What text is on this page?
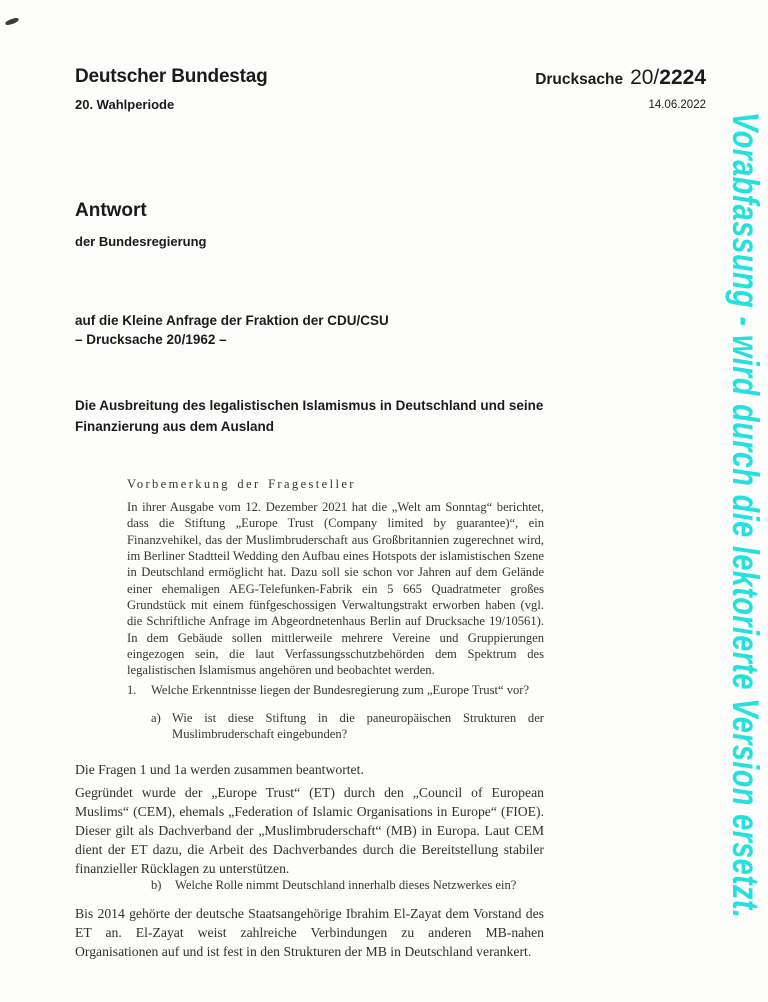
Vorabfassung - wird durch die lektorierte Version ersetzt.
Deutscher Bundestag
20. Wahlperiode
Drucksache 20/ 2224
14.06.2022
Antwort
der Bundesregierung
auf die Kleine Anfrage der Fraktion der CDU/CSU
– Drucksache 20/1962 –
Die Ausbreitung des legalistischen Islamismus in Deutschland und seine
Finanzierung aus dem Ausland
Vorbemerkung der Fragesteller
In ihrer Ausgabe vom 12. Dezember 2021 hat die „Welt am Sonntag“ berichtet, dass die Stiftung „Europe Trust (Company limited by guarantee)“, ein Finanzvehikel, das der Muslimbruderschaft aus Großbritannien zugerechnet wird, im Berliner Stadtteil Wedding den Aufbau eines Hotspots der islamistischen Szene in Deutschland ermöglicht hat. Dazu soll sie schon vor Jahren auf dem Gelände einer ehemaligen AEG-Telefunken-Fabrik ein 5 665 Quadratmeter großes Grundstück mit einem fünfgeschossigen Verwaltungstrakt erworben haben (vgl. die Schriftliche Anfrage im Abgeordnetenhaus Berlin auf Drucksache 19/10561). In dem Gebäude sollen mittlerweile mehrere Vereine und Gruppierungen eingezogen sein, die laut Verfassungsschutzbehörden dem Spektrum des legalistischen Islamismus angehören und beobachtet werden.
1.	Welche Erkenntnisse liegen der Bundesregierung zum „Europe Trust“ vor?
a) Wie ist diese Stiftung in die paneuropäischen Strukturen der Muslimbruderschaft eingebunden?
Die Fragen 1 und 1a werden zusammen beantwortet.
Gegründet wurde der „Europe Trust“ (ET) durch den „Council of European Muslims“ (CEM), ehemals „Federation of Islamic Organisations in Europe“ (FIOE). Dieser gilt als Dachverband der „Muslimbruderschaft“ (MB) in Europa. Laut CEM dient der ET dazu, die Arbeit des Dachverbandes durch die Bereitstellung stabiler finanzieller Rücklagen zu unterstützen.
b)	Welche Rolle nimmt Deutschland innerhalb dieses Netzwerkes ein?
Bis 2014 gehörte der deutsche Staatsangehörige Ibrahim El-Zayat dem Vorstand des ET an. El-Zayat weist zahlreiche Verbindungen zu anderen MB-nahen Organisationen auf und ist fest in den Strukturen der MB in Deutschland verankert.
